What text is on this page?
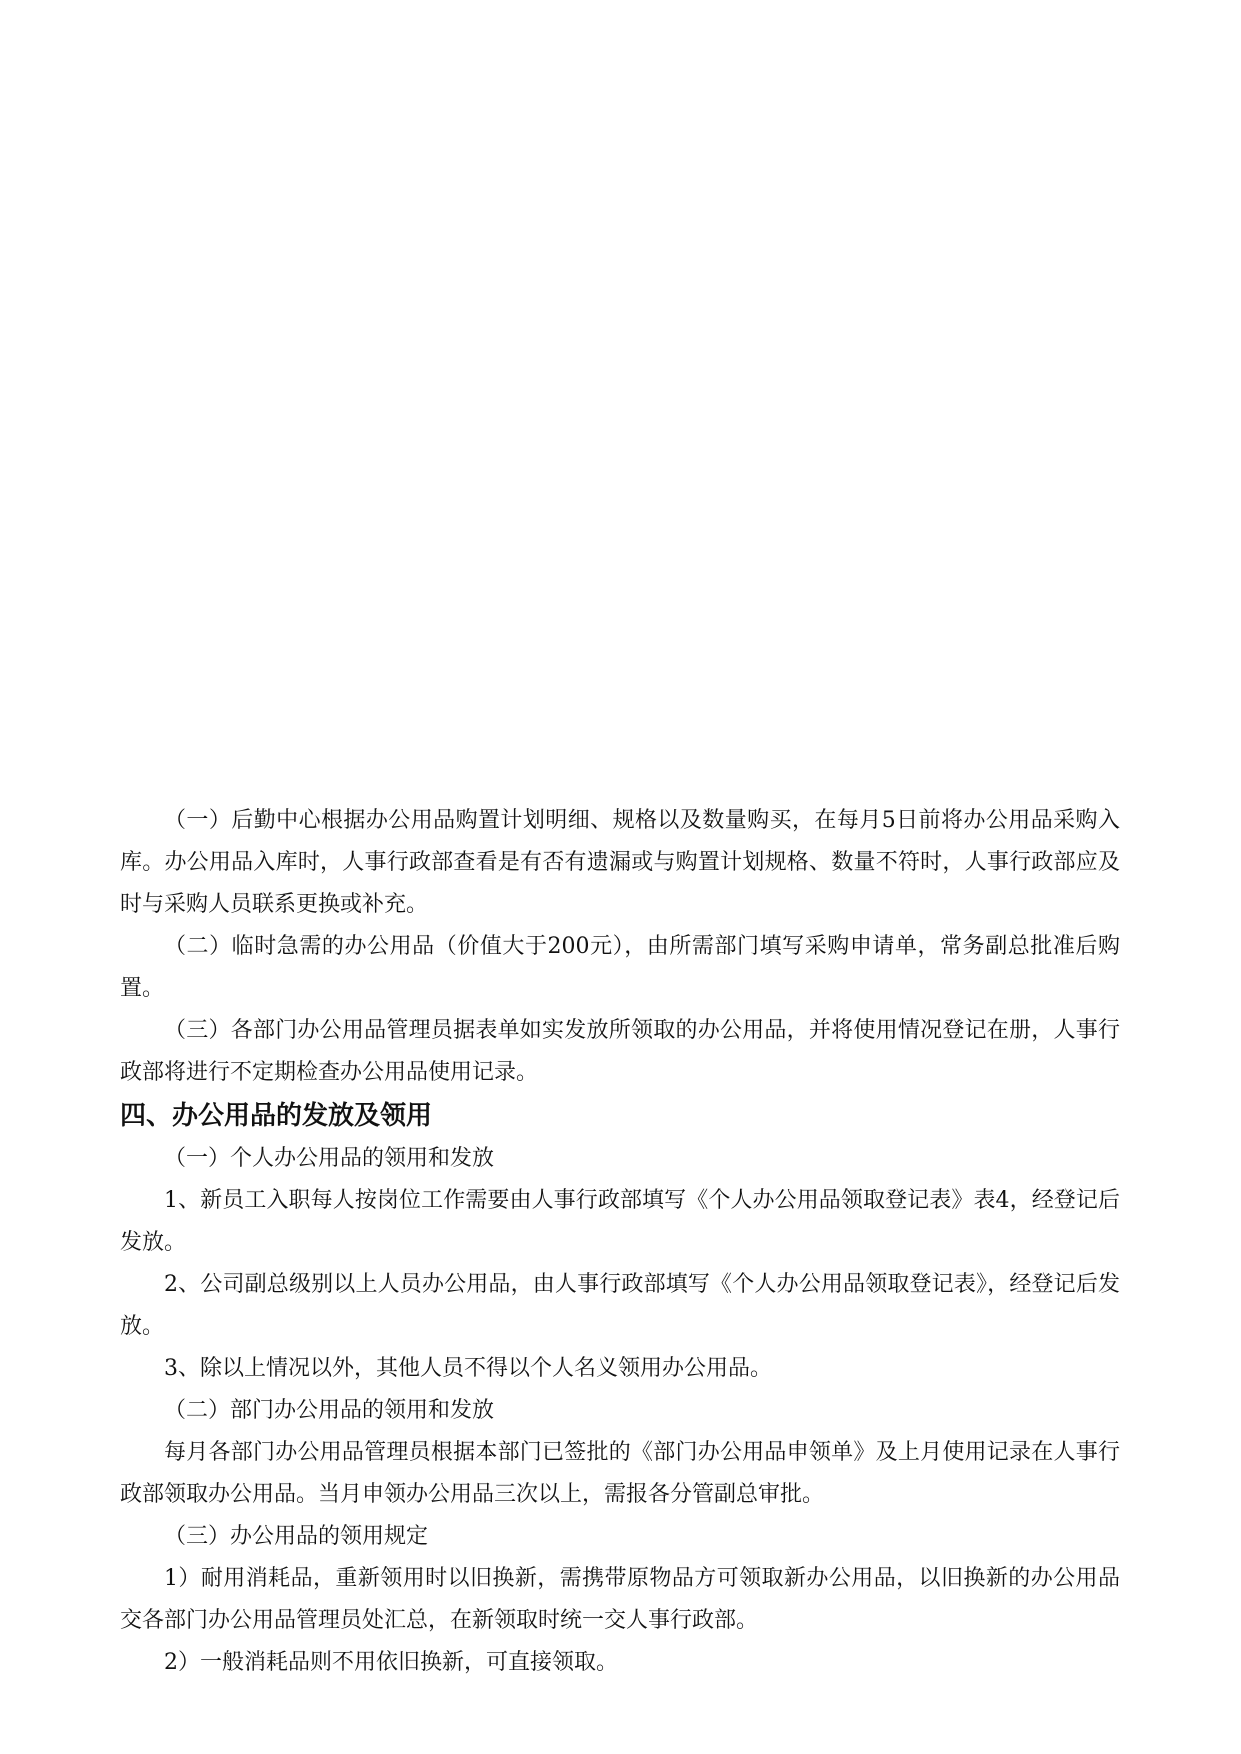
（一）后勤中心根据办公用品购置计划明细、规格以及数量购买，在每月5日前将办公用品采购入库。办公用品入库时，人事行政部查看是有否有遗漏或与购置计划规格、数量不符时，人事行政部应及时与采购人员联系更换或补充。

（二）临时急需的办公用品（价值大于200元），由所需部门填写采购申请单，常务副总批准后购置。

（三）各部门办公用品管理员据表单如实发放所领取的办公用品，并将使用情况登记在册，人事行政部将进行不定期检查办公用品使用记录。

四、办公用品的发放及领用

（一）个人办公用品的领用和发放

1、新员工入职每人按岗位工作需要由人事行政部填写《个人办公用品领取登记表》表4，经登记后发放。

2、公司副总级别以上人员办公用品，由人事行政部填写《个人办公用品领取登记表》，经登记后发放。

3、除以上情况以外，其他人员不得以个人名义领用办公用品。

（二）部门办公用品的领用和发放

每月各部门办公用品管理员根据本部门已签批的《部门办公用品申领单》及上月使用记录在人事行政部领取办公用品。当月申领办公用品三次以上，需报各分管副总审批。

（三）办公用品的领用规定

1）耐用消耗品，重新领用时以旧换新，需携带原物品方可领取新办公用品，以旧换新的办公用品交各部门办公用品管理员处汇总，在新领取时统一交人事行政部。

2）一般消耗品则不用依旧换新，可直接领取。
